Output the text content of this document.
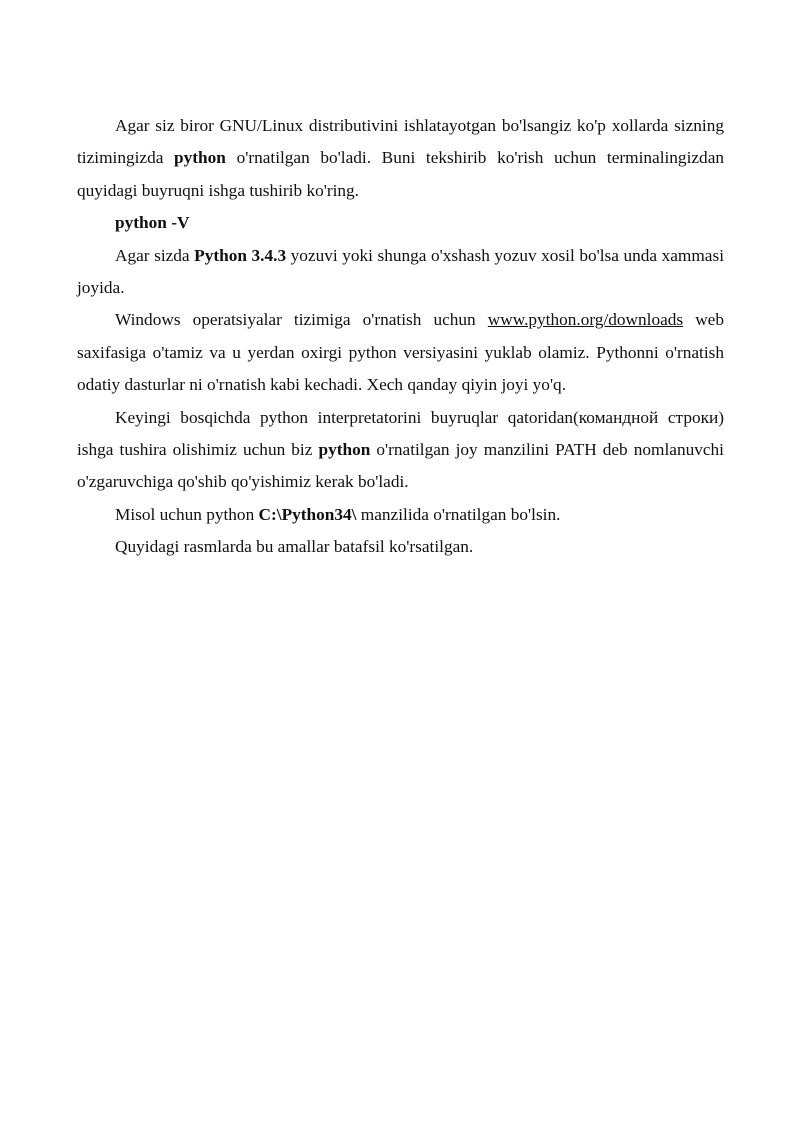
Agar siz biror GNU/Linux distributivini ishlatayotgan bo'lsangiz ko'p xollarda sizning tizimingizda python o'rnatilgan bo'ladi. Buni tekshirib ko'rish uchun terminalingizdan quyidagi buyruqni ishga tushirib ko'ring.

python -V

Agar sizda Python 3.4.3 yozuvi yoki shunga o'xshash yozuv xosil bo'lsa unda xammasi joyida.

Windows operatsiyalar tizimiga o'rnatish uchun www.python.org/downloads web saxifasiga o'tamiz va u yerdan oxirgi python versiyasini yuklab olamiz. Pythonni o'rnatish odatiy dasturlar ni o'rnatish kabi kechadi. Xech qanday qiyin joyi yo'q.

Keyingi bosqichda python interpretatorini buyruqlar qatoridan(командной строки) ishga tushira olishimiz uchun biz python o'rnatilgan joy manzilini PATH deb nomlanuvchi o'zgaruvchiga qo'shib qo'yishimiz kerak bo'ladi.

Misol uchun python C:\Python34\ manzilida o'rnatilgan bo'lsin.

Quyidagi rasmlarda bu amallar batafsil ko'rsatilgan.
